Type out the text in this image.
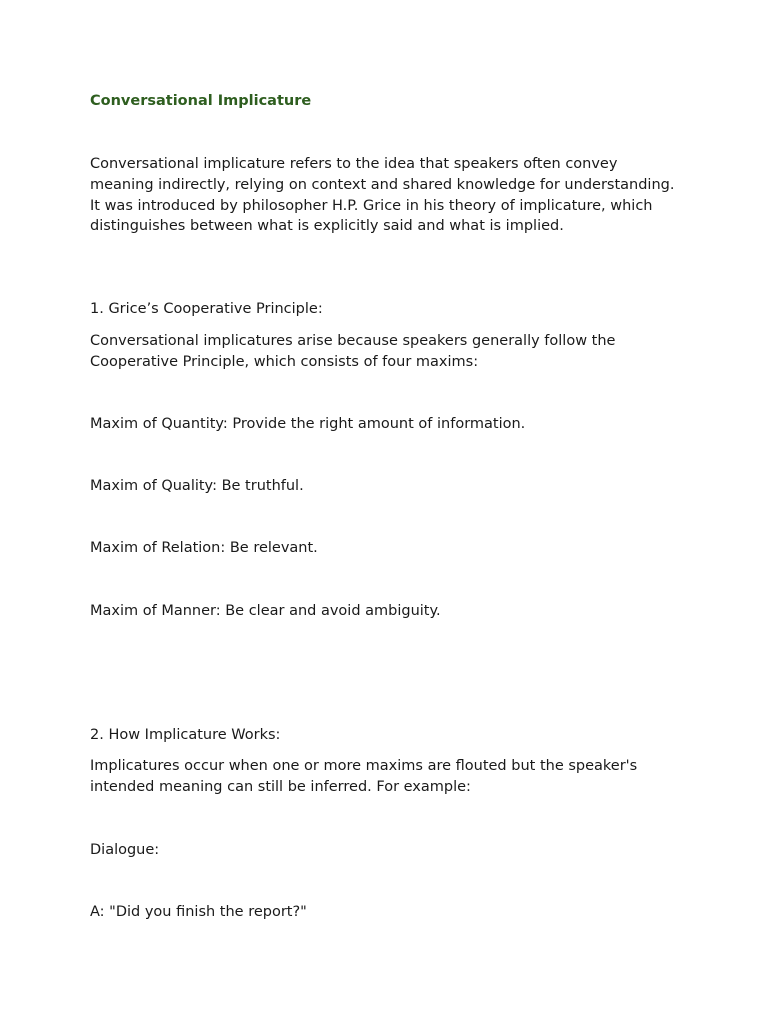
Conversational Implicature

Conversational implicature refers to the idea that speakers often convey meaning indirectly, relying on context and shared knowledge for understanding. It was introduced by philosopher H.P. Grice in his theory of implicature, which distinguishes between what is explicitly said and what is implied.

1. Grice’s Cooperative Principle:

Conversational implicatures arise because speakers generally follow the Cooperative Principle, which consists of four maxims:

Maxim of Quantity: Provide the right amount of information.

Maxim of Quality: Be truthful.

Maxim of Relation: Be relevant.

Maxim of Manner: Be clear and avoid ambiguity.

2. How Implicature Works:

Implicatures occur when one or more maxims are flouted but the speaker's intended meaning can still be inferred. For example:

Dialogue:

A: "Did you finish the report?"
